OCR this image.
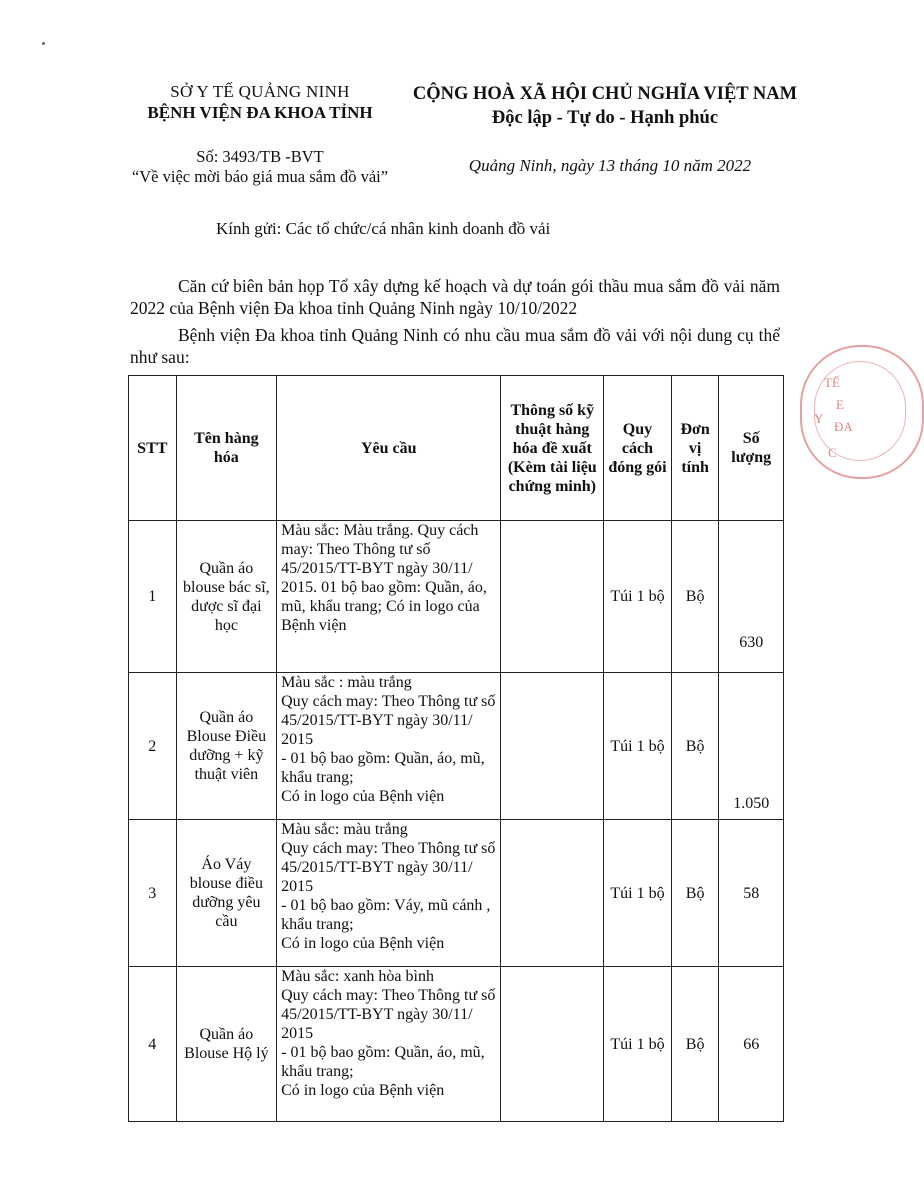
SỞ Y TẾ QUẢNG NINH
BỆNH VIỆN ĐA KHOA TỈNH
CỘNG HOÀ XÃ HỘI CHỦ NGHĨA VIỆT NAM
Độc lập - Tự do - Hạnh phúc
Số: 3493/TB -BVT
“Về việc mời báo giá mua sắm đồ vải”
Quảng Ninh, ngày 13 tháng 10 năm 2022
Kính gửi: Các tổ chức/cá nhân kinh doanh đồ vải
Căn cứ biên bản họp Tổ xây dựng kế hoạch và dự toán gói thầu mua sắm đồ vải năm 2022 của Bệnh viện Đa khoa tỉnh Quảng Ninh ngày 10/10/2022
Bệnh viện Đa khoa tỉnh Quảng Ninh có nhu cầu mua sắm đồ vải với nội dung cụ thể như sau:
TẾ
E
ĐA
Y
C
STT	Tên hàng hóa	Yêu cầu	Thông số kỹ thuật hàng hóa đề xuất (Kèm tài liệu chứng minh)	Quy cách đóng gói	Đơn vị tính	Số lượng
1	Quần áo blouse bác sĩ, dược sĩ đại học	Màu sắc: Màu trắng. Quy cách may: Theo Thông tư số 45/2015/TT-BYT ngày 30/11/ 2015. 01 bộ bao gồm: Quần, áo, mũ, khẩu trang; Có in logo của Bệnh viện		Túi 1 bộ	Bộ	630
2	Quần áo Blouse Điều dưỡng + kỹ thuật viên	Màu sắc : màu trắng
Quy cách may: Theo Thông tư số 45/2015/TT-BYT ngày 30/11/ 2015
- 01 bộ bao gồm: Quần, áo, mũ, khẩu trang;
Có in logo của Bệnh viện		Túi 1 bộ	Bộ	1.050
3	Áo Váy blouse điều dưỡng yêu cầu	Màu sắc: màu trắng
Quy cách may: Theo Thông tư số 45/2015/TT-BYT ngày 30/11/ 2015
- 01 bộ bao gồm: Váy, mũ cánh , khẩu trang;
Có in logo của Bệnh viện		Túi 1 bộ	Bộ	58
4	Quần áo Blouse Hộ lý	Màu sắc: xanh hòa bình
Quy cách may: Theo Thông tư số 45/2015/TT-BYT ngày 30/11/ 2015
- 01 bộ bao gồm: Quần, áo, mũ, khẩu trang;
Có in logo của Bệnh viện		Túi 1 bộ	Bộ	66
